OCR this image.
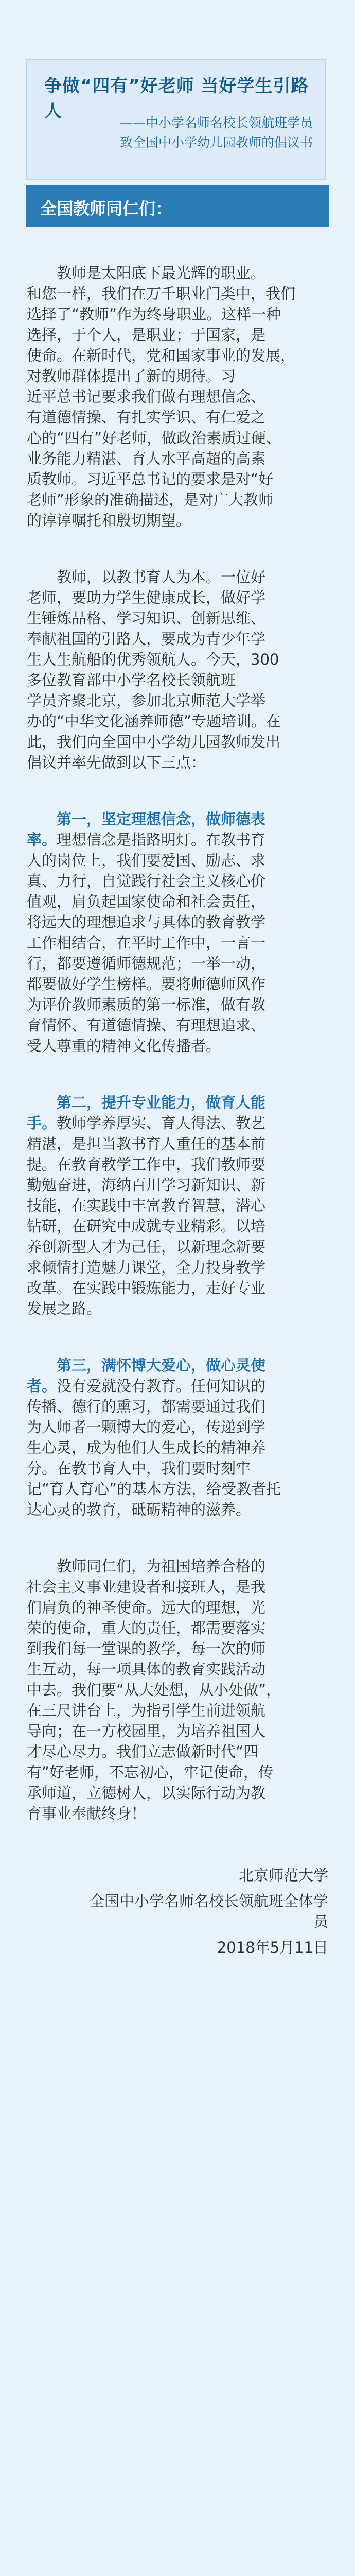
争做“四有”好老师 当好学生引路人
——中小学名师名校长领航班学员
致全国中小学幼儿园教师的倡议书
全国教师同仁们：
　　教师是太阳底下最光辉的职业。
和您一样，我们在万千职业门类中，我们
选择了“教师”作为终身职业。这样一种
选择，于个人，是职业；于国家，是
使命。在新时代，党和国家事业的发展，
对教师群体提出了新的期待。习
近平总书记要求我们做有理想信念、
有道德情操、有扎实学识、有仁爱之
心的“四有”好老师，做政治素质过硬、
业务能力精湛、育人水平高超的高素
质教师。习近平总书记的要求是对“好
老师”形象的准确描述，是对广大教师
的谆谆嘱托和殷切期望。
　　教师，以教书育人为本。一位好
老师，要助力学生健康成长，做好学
生锤炼品格、学习知识、创新思维、
奉献祖国的引路人，要成为青少年学
生人生航船的优秀领航人。今天，300
多位教育部中小学名校长领航班
学员齐聚北京，参加北京师范大学举
办的“中华文化涵养师德”专题培训。在
此，我们向全国中小学幼儿园教师发出
倡议并率先做到以下三点：
　　第一，坚定理想信念，做师德表
率。理想信念是指路明灯。在教书育
人的岗位上，我们要爱国、励志、求
真、力行，自觉践行社会主义核心价
值观，肩负起国家使命和社会责任，
将远大的理想追求与具体的教育教学
工作相结合，在平时工作中，一言一
行，都要遵循师德规范；一举一动，
都要做好学生榜样。要将师德师风作
为评价教师素质的第一标准，做有教
育情怀、有道德情操、有理想追求、
受人尊重的精神文化传播者。
　　第二，提升专业能力，做育人能
手。教师学养厚实、育人得法、教艺
精湛，是担当教书育人重任的基本前
提。在教育教学工作中，我们教师要
勤勉奋进，海纳百川学习新知识、新
技能，在实践中丰富教育智慧，潜心
钻研，在研究中成就专业精彩。以培
养创新型人才为己任，以新理念新要
求倾情打造魅力课堂，全力投身教学
改革。在实践中锻炼能力，走好专业
发展之路。
　　第三，满怀博大爱心，做心灵使
者。没有爱就没有教育。任何知识的
传播、德行的熏习，都需要通过我们
为人师者一颗博大的爱心，传递到学
生心灵，成为他们人生成长的精神养
分。在教书育人中，我们要时刻牢
记“育人育心”的基本方法，给受教者托
达心灵的教育，砥砺精神的滋养。
　　教师同仁们，为祖国培养合格的
社会主义事业建设者和接班人，是我
们肩负的神圣使命。远大的理想，光
荣的使命，重大的责任，都需要落实
到我们每一堂课的教学，每一次的师
生互动，每一项具体的教育实践活动
中去。我们要“从大处想，从小处做”，
在三尺讲台上，为指引学生前进领航
导向；在一方校园里，为培养祖国人
才尽心尽力。我们立志做新时代“四
有”好老师，不忘初心，牢记使命，传
承师道，立德树人，以实际行动为教
育事业奉献终身！
北京师范大学
全国中小学名师名校长领航班全体学
员
2018年5月11日
